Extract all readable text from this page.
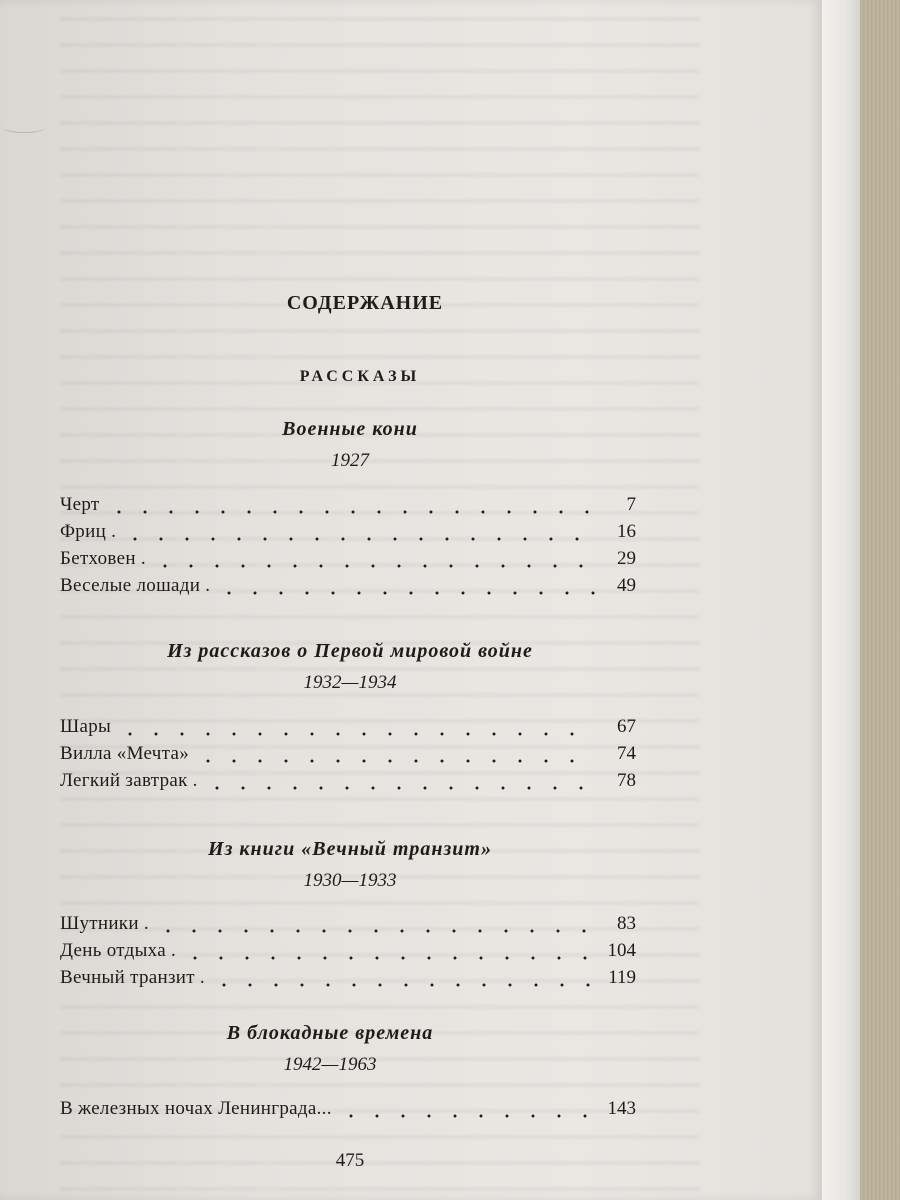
СОДЕРЖАНИЕ
РАССКАЗЫ
Военные кони
1927
Черт	7
Фриц .	16
Бетховен .	29
Веселые лошади .	49
Из рассказов о Первой мировой войне
1932—1934
Шары	67
Вилла «Мечта»	74
Легкий завтрак .	78
Из книги «Вечный транзит»
1930—1933
Шутники .	83
День отдыха .	104
Вечный транзит .	119
В блокадные времена
1942—1963
В железных ночах Ленинграда...	143
475
